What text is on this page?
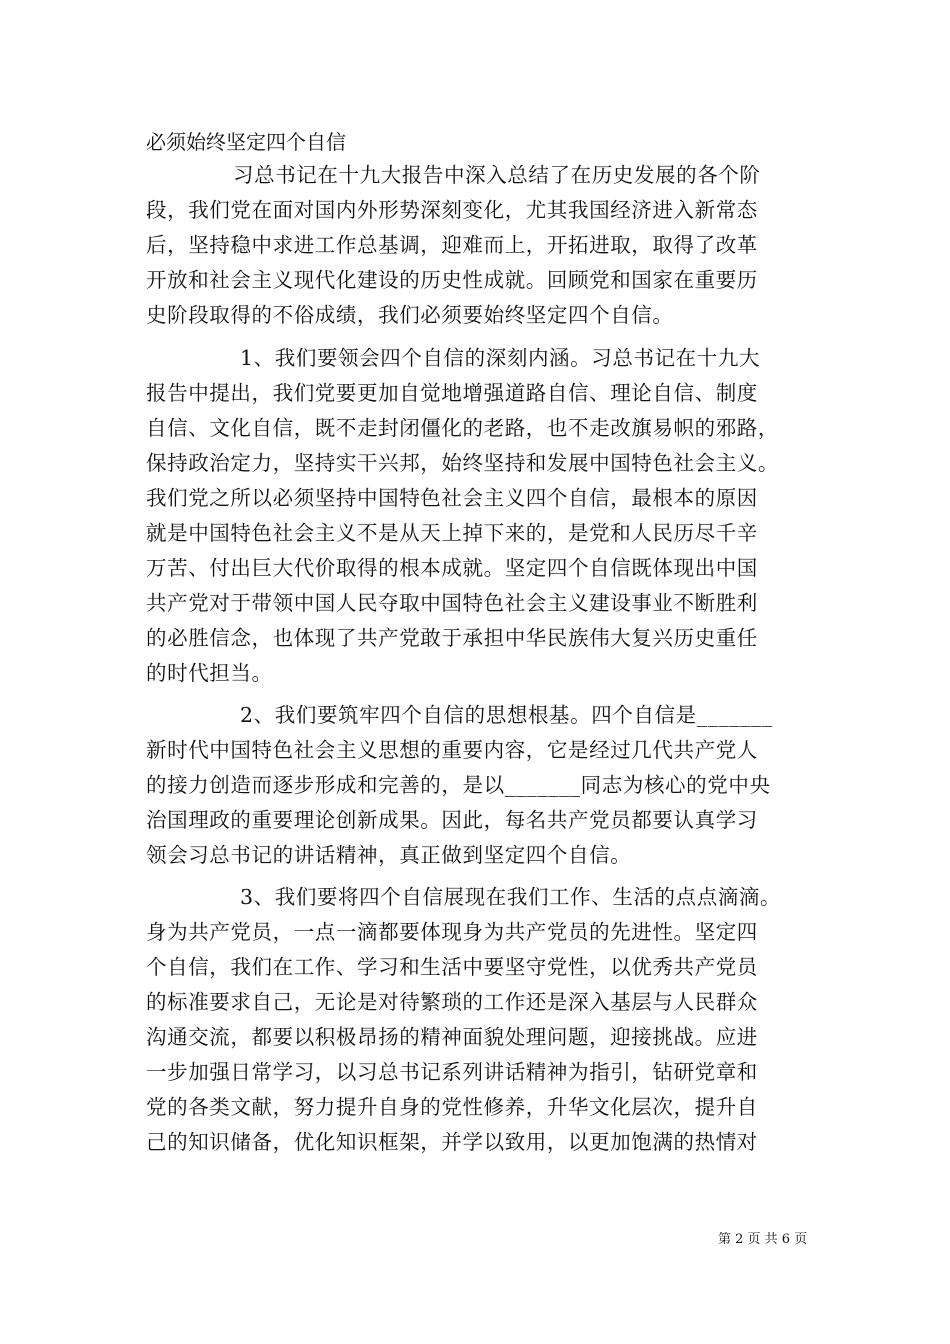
必须始终坚定四个自信
习总书记在十九大报告中深入总结了在历史发展的各个阶
段，我们党在面对国内外形势深刻变化，尤其我国经济进入新常态
后，坚持稳中求进工作总基调，迎难而上，开拓进取，取得了改革
开放和社会主义现代化建设的历史性成就。回顾党和国家在重要历
史阶段取得的不俗成绩，我们必须要始终坚定四个自信。
1、我们要领会四个自信的深刻内涵。习总书记在十九大
报告中提出，我们党要更加自觉地增强道路自信、理论自信、制度
自信、文化自信，既不走封闭僵化的老路，也不走改旗易帜的邪路，
保持政治定力，坚持实干兴邦，始终坚持和发展中国特色社会主义。
我们党之所以必须坚持中国特色社会主义四个自信，最根本的原因
就是中国特色社会主义不是从天上掉下来的，是党和人民历尽千辛
万苦、付出巨大代价取得的根本成就。坚定四个自信既体现出中国
共产党对于带领中国人民夺取中国特色社会主义建设事业不断胜利
的必胜信念，也体现了共产党敢于承担中华民族伟大复兴历史重任
的时代担当。
2、我们要筑牢四个自信的思想根基。四个自信是_______
新时代中国特色社会主义思想的重要内容，它是经过几代共产党人
的接力创造而逐步形成和完善的，是以_______同志为核心的党中央
治国理政的重要理论创新成果。因此，每名共产党员都要认真学习
领会习总书记的讲话精神，真正做到坚定四个自信。
3、我们要将四个自信展现在我们工作、生活的点点滴滴。
身为共产党员，一点一滴都要体现身为共产党员的先进性。坚定四
个自信，我们在工作、学习和生活中要坚守党性，以优秀共产党员
的标准要求自己，无论是对待繁琐的工作还是深入基层与人民群众
沟通交流，都要以积极昂扬的精神面貌处理问题，迎接挑战。应进
一步加强日常学习，以习总书记系列讲话精神为指引，钻研党章和
党的各类文献，努力提升自身的党性修养，升华文化层次，提升自
己的知识储备，优化知识框架，并学以致用，以更加饱满的热情对
第 2 页 共 6 页
